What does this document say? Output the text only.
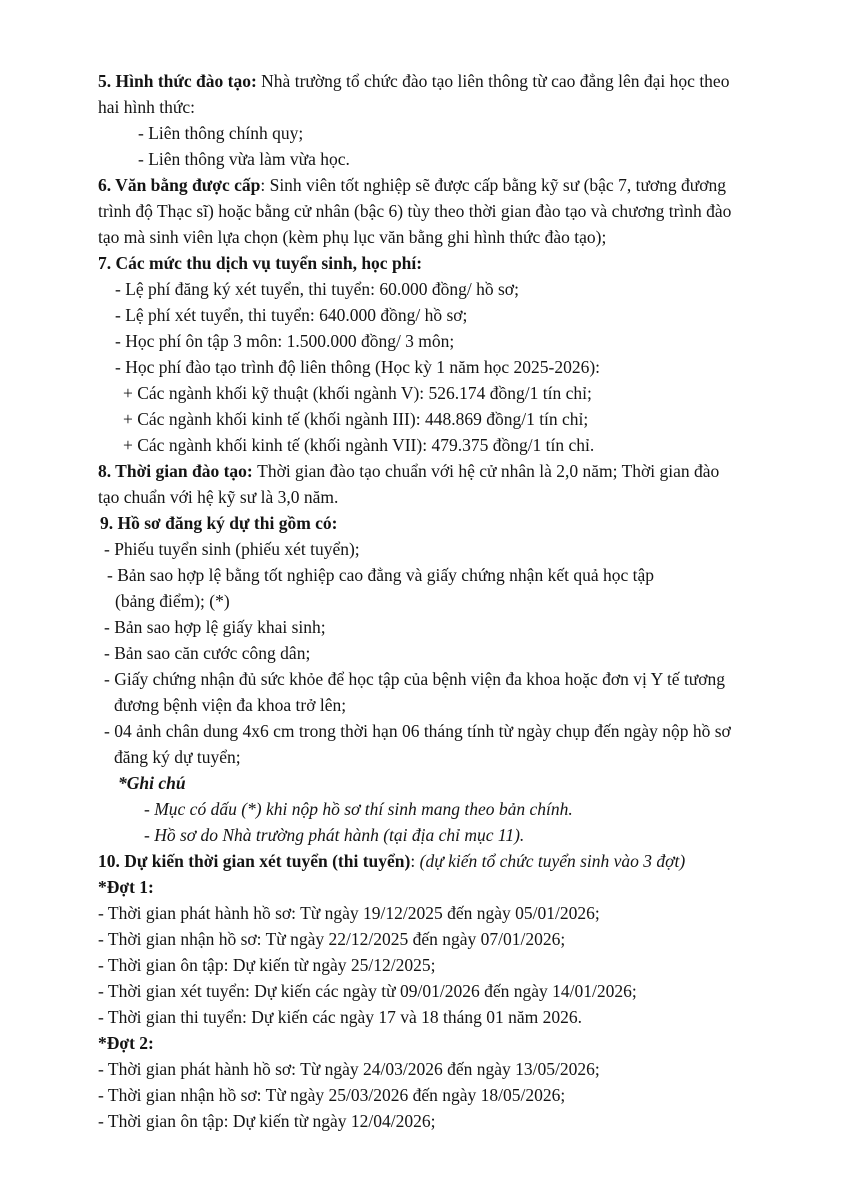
5. Hình thức đào tạo: Nhà trường tổ chức đào tạo liên thông từ cao đẳng lên đại học theo
hai hình thức:
- Liên thông chính quy;
- Liên thông vừa làm vừa học.
6. Văn bằng được cấp: Sinh viên tốt nghiệp sẽ được cấp bằng kỹ sư (bậc 7, tương đương
trình độ Thạc sĩ) hoặc bằng cử nhân (bậc 6) tùy theo thời gian đào tạo và chương trình đào
tạo mà sinh viên lựa chọn (kèm phụ lục văn bằng ghi hình thức đào tạo);
7. Các mức thu dịch vụ tuyển sinh, học phí:
- Lệ phí đăng ký xét tuyển, thi tuyển: 60.000 đồng/ hồ sơ;
- Lệ phí xét tuyển, thi tuyển: 640.000 đồng/ hồ sơ;
- Học phí ôn tập 3 môn: 1.500.000 đồng/ 3 môn;
- Học phí đào tạo trình độ liên thông (Học kỳ 1 năm học 2025-2026):
+ Các ngành khối kỹ thuật (khối ngành V): 526.174 đồng/1 tín chỉ;
+ Các ngành khối kinh tế (khối ngành III): 448.869 đồng/1 tín chỉ;
+ Các ngành khối kinh tế (khối ngành VII): 479.375 đồng/1 tín chỉ.
8. Thời gian đào tạo: Thời gian đào tạo chuẩn với hệ cử nhân là 2,0 năm; Thời gian đào
tạo chuẩn với hệ kỹ sư là 3,0 năm.
9. Hồ sơ đăng ký dự thi gồm có:
- Phiếu tuyển sinh (phiếu xét tuyển);
- Bản sao hợp lệ bằng tốt nghiệp cao đẳng và giấy chứng nhận kết quả học tập
(bảng điểm); (*)
- Bản sao hợp lệ giấy khai sinh;
- Bản sao căn cước công dân;
- Giấy chứng nhận đủ sức khỏe để học tập của bệnh viện đa khoa hoặc đơn vị Y tế tương
đương bệnh viện đa khoa trở lên;
- 04 ảnh chân dung 4x6 cm trong thời hạn 06 tháng tính từ ngày chụp đến ngày nộp hồ sơ
đăng ký dự tuyển;
*Ghi chú
- Mục có dấu (*) khi nộp hồ sơ thí sinh mang theo bản chính.
- Hồ sơ do Nhà trường phát hành (tại địa chỉ mục 11).
10. Dự kiến thời gian xét tuyển (thi tuyển): (dự kiến tổ chức tuyển sinh vào 3 đợt)
*Đợt 1:
- Thời gian phát hành hồ sơ: Từ ngày 19/12/2025 đến ngày 05/01/2026;
- Thời gian nhận hồ sơ: Từ ngày 22/12/2025 đến ngày 07/01/2026;
- Thời gian ôn tập: Dự kiến từ ngày 25/12/2025;
- Thời gian xét tuyển: Dự kiến các ngày từ 09/01/2026 đến ngày 14/01/2026;
- Thời gian thi tuyển: Dự kiến các ngày 17 và 18 tháng 01 năm 2026.
*Đợt 2:
- Thời gian phát hành hồ sơ: Từ ngày 24/03/2026 đến ngày 13/05/2026;
- Thời gian nhận hồ sơ: Từ ngày 25/03/2026 đến ngày 18/05/2026;
- Thời gian ôn tập: Dự kiến từ ngày 12/04/2026;
